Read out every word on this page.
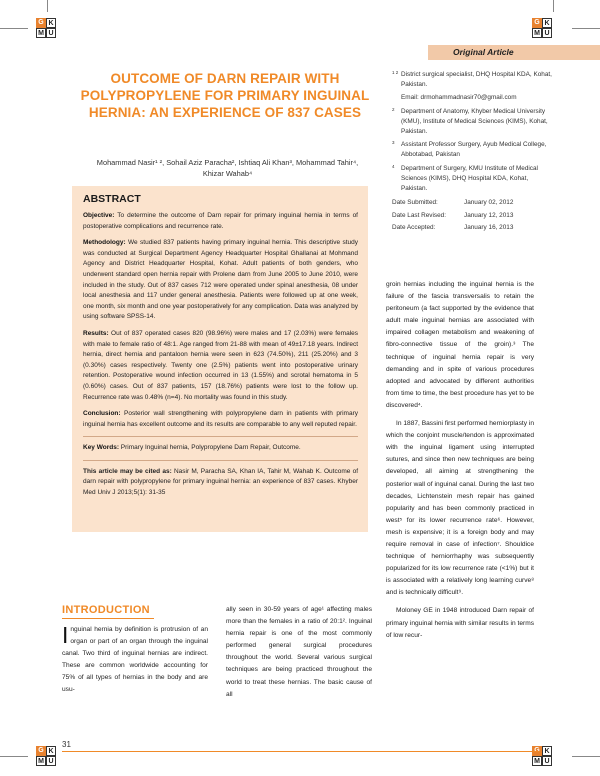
G K
M U
G K
M U
G K
M U
K
M U
Original Article
OUTCOME OF DARN REPAIR WITH POLYPROPYLENE FOR PRIMARY INGUINAL HERNIA: AN EXPERIENCE OF 837 CASES
Mohammad Nasir¹ ², Sohail Aziz Paracha², Ishtiaq Ali Khan³, Mohammad Tahir⁴,
Khizar Wahab⁴
1 2 District surgical specialist, DHQ Hospital KDA, Kohat, Pakistan.
Email: drmohammadnasir70@gmail.com
2 Department of Anatomy, Khyber Medical University (KMU), Institute of Medical Sciences (KIMS), Kohat, Pakistan.
3 Assistant Professor Surgery, Ayub Medical College, Abbotabad, Pakistan
4 Department of Surgery, KMU Institute of Medical Sciences (KIMS), DHQ Hospital KDA, Kohat, Pakistan.
Date Submitted:	January 02, 2012
Date Last Revised:	January 12, 2013
Date Accepted:	January 16, 2013
ABSTRACT

Objective: To determine the outcome of Darn repair for primary inguinal hernia in terms of postoperative complications and recurrence rate.

Methodology: We studied 837 patients having primary inguinal hernia. This descriptive study was conducted at Surgical Department Agency Headquarter Hospital Ghallanai at Mohmand Agency and District Headquarter Hospital, Kohat. Adult patients of both genders, who underwent standard open hernia repair with Prolene darn from June 2005 to June 2010, were included in the study. Out of 837 cases 712 were operated under spinal anesthesia, 08 under local anesthesia and 117 under general anesthesia. Patients were followed up at one week, one month, six month and one year postoperatively for any complication. Data was analyzed by using software SPSS-14.

Results: Out of 837 operated cases 820 (98.96%) were males and 17 (2.03%) were females with male to female ratio of 48:1. Age ranged from 21-88 with mean of 49±17.18 years. Indirect hernia, direct hernia and pantaloon hernia were seen in 623 (74.50%), 211 (25.20%) and 3 (0.30%) cases respectively. Twenty one (2.5%) patients went into postoperative urinary retention. Postoperative wound infection occurred in 13 (1.55%) and scrotal hematoma in 5 (0.60%) cases. Out of 837 patients, 157 (18.76%) patients were lost to the follow up. Recurrence rate was 0.48% (n=4). No mortality was found in this study.

Conclusion: Posterior wall strengthening with polypropylene darn in patients with primary inguinal hernia has excellent outcome and its results are comparable to any well reputed repair.

Key Words: Primary Inguinal hernia, Polypropylene Darn Repair, Outcome.

This article may be cited as: Nasir M, Paracha SA, Khan IA, Tahir M, Wahab K. Outcome of darn repair with polypropylene for primary inguinal hernia: an experience of 837 cases. Khyber Med Univ J 2013;5(1): 31-35

groin hernias including the inguinal hernia is the failure of the fascia transversalis to retain the peritoneum (a fact supported by the evidence that adult male inguinal hernias are associated with impaired collagen metabolism and weakening of fibro-connective tissue of the groin).³ The technique of inguinal hernia repair is very demanding and in spite of various procedures adopted and advocated by different authorities from time to time, the best procedure has yet to be discovered⁴.

In 1887, Bassini first performed herniorplasty in which the conjoint muscle/tendon is approximated with the inguinal ligament using interrupted sutures, and since then new techniques are being developed, all aiming at strengthening the posterior wall of inguinal canal. During the last two decades, Lichtenstein mesh repair has gained popularity and has been commonly practiced in west⁵ for its lower recurrence rate⁶. However, mesh is expensive; it is a foreign body and may require removal in case of infection⁷. Shouldice technique of herniorrhaphy was subsequently popularized for its low recurrence rate (<1%) but it is associated with a relatively long learning curve⁸ and is technically difficult⁹.

Moloney GE in 1948 introduced Darn repair of primary inguinal hernia with similar results in terms of low recur-

INTRODUCTION
I nguinal hernia by definition is protrusion of an organ or part of an organ through the inguinal canal. Two third of inguinal hernias are indirect. These are common worldwide accounting for 75% of all types of hernias in the body and are usu-

ally seen in 30-59 years of age¹ affecting males more than the females in a ratio of 20:1². Inguinal hernia repair is one of the most commonly performed general surgical procedures throughout the world. Several various surgical techniques are being practiced throughout the world to treat these hernias. The basic cause of all

31
